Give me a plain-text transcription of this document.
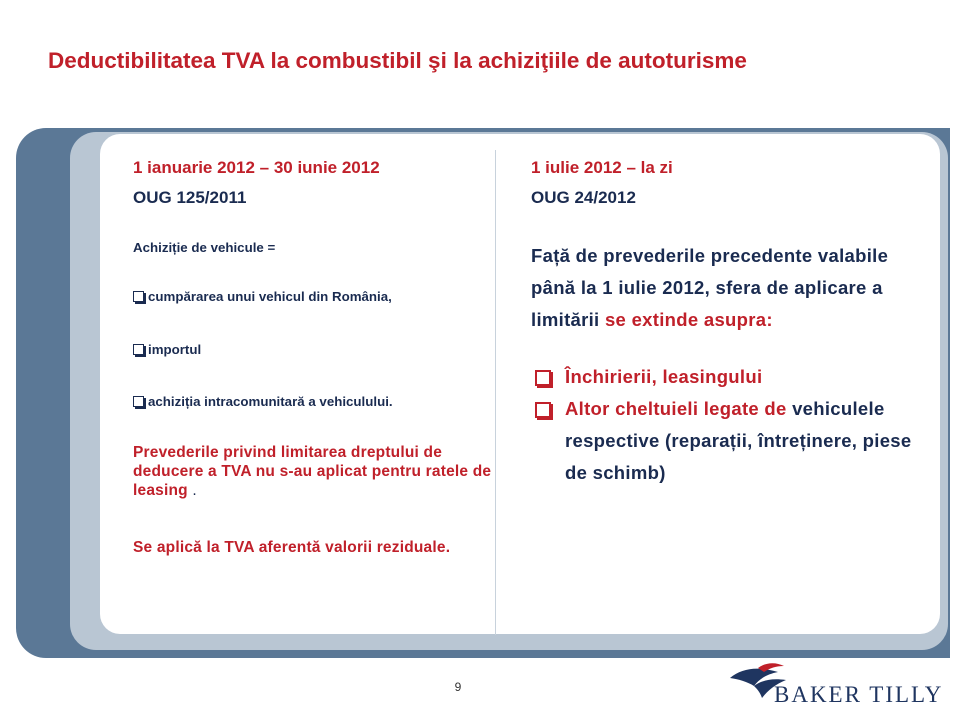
Deductibilitatea TVA la combustibil şi la achiziţiile de autoturisme

1 ianuarie 2012 – 30 iunie 2012

OUG 125/2011

Achiziție de vehicule =
cumpărarea unui vehicul din România,
importul
achiziția intracomunitară a vehiculului.
Prevederile privind limitarea dreptului de deducere a TVA nu s-au aplicat pentru ratele de leasing .
Se aplică la TVA aferentă valorii reziduale.

1 iulie 2012 – la zi

OUG 24/2012

Față de prevederile precedente valabile până la 1 iulie 2012, sfera de aplicare a limitării se extinde asupra:
Închirierii, leasingului
Altor cheltuieli legate de vehiculele respective (reparații, întreținere, piese de schimb)
9	BAKER TILLY
